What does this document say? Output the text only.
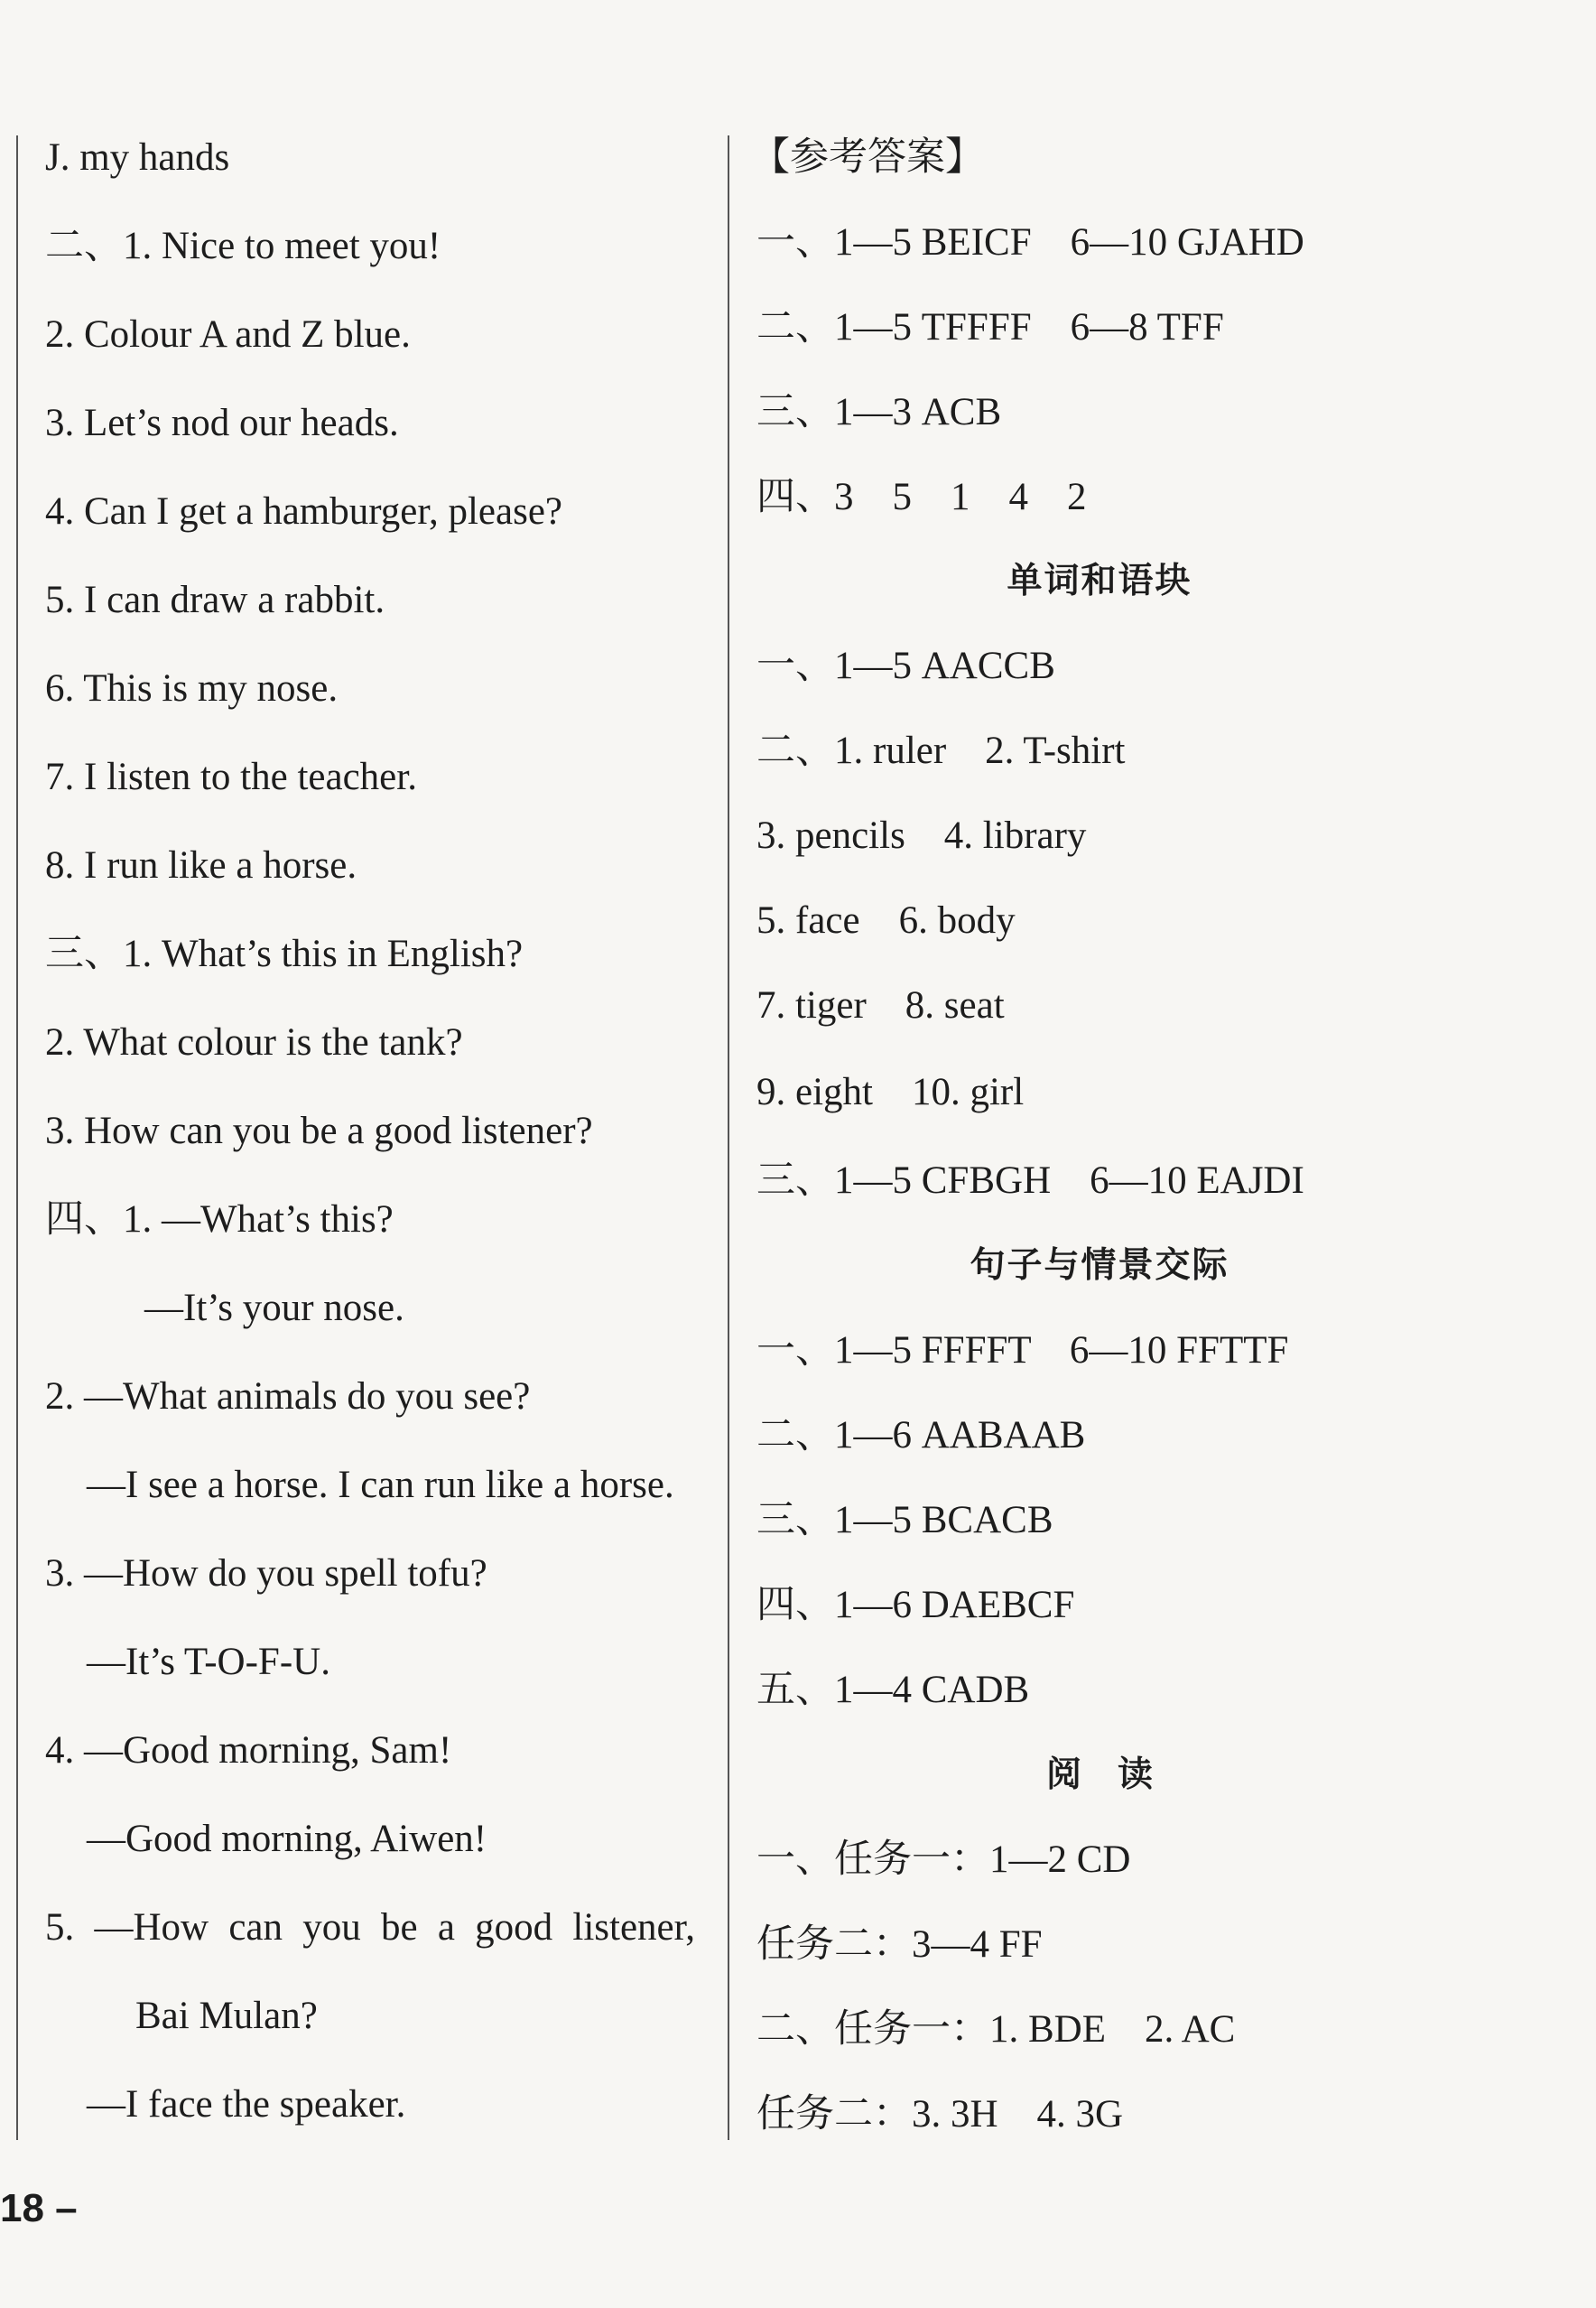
J. my hands
二、1. Nice to meet you!
2. Colour A and Z blue.
3. Let’s nod our heads.
4. Can I get a hamburger, please?
5. I can draw a rabbit.
6. This is my nose.
7. I listen to the teacher.
8. I run like a horse.
三、1. What’s this in English?
2. What colour is the tank?
3. How can you be a good listener?
四、1. —What’s this?
—It’s your nose.
2. —What animals do you see?
—I see a horse. I can run like a horse.
3. —How do you spell tofu?
—It’s T-O-F-U.
4. —Good morning, Sam!
—Good morning, Aiwen!
5. —How can you be a good listener,
Bai Mulan?
—I face the speaker.
【参考答案】
一、1—5 BEICF    6—10 GJAHD
二、1—5 TFFFF    6—8 TFF
三、1—3 ACB
四、3    5    1    4    2
单词和语块
一、1—5 AACCB
二、1. ruler    2. T-shirt
3. pencils    4. library
5. face    6. body
7. tiger    8. seat
9. eight    10. girl
三、1—5 CFBGH    6—10 EAJDI
句子与情景交际
一、1—5 FFFFT    6—10 FFTTF
二、1—6 AABAAB
三、1—5 BCACB
四、1—6 DAEBCF
五、1—4 CADB
阅读
一、任务一：1—2 CD
任务二：3—4 FF
二、任务一：1. BDE    2. AC
任务二：3. 3H    4. 3G
18 –
